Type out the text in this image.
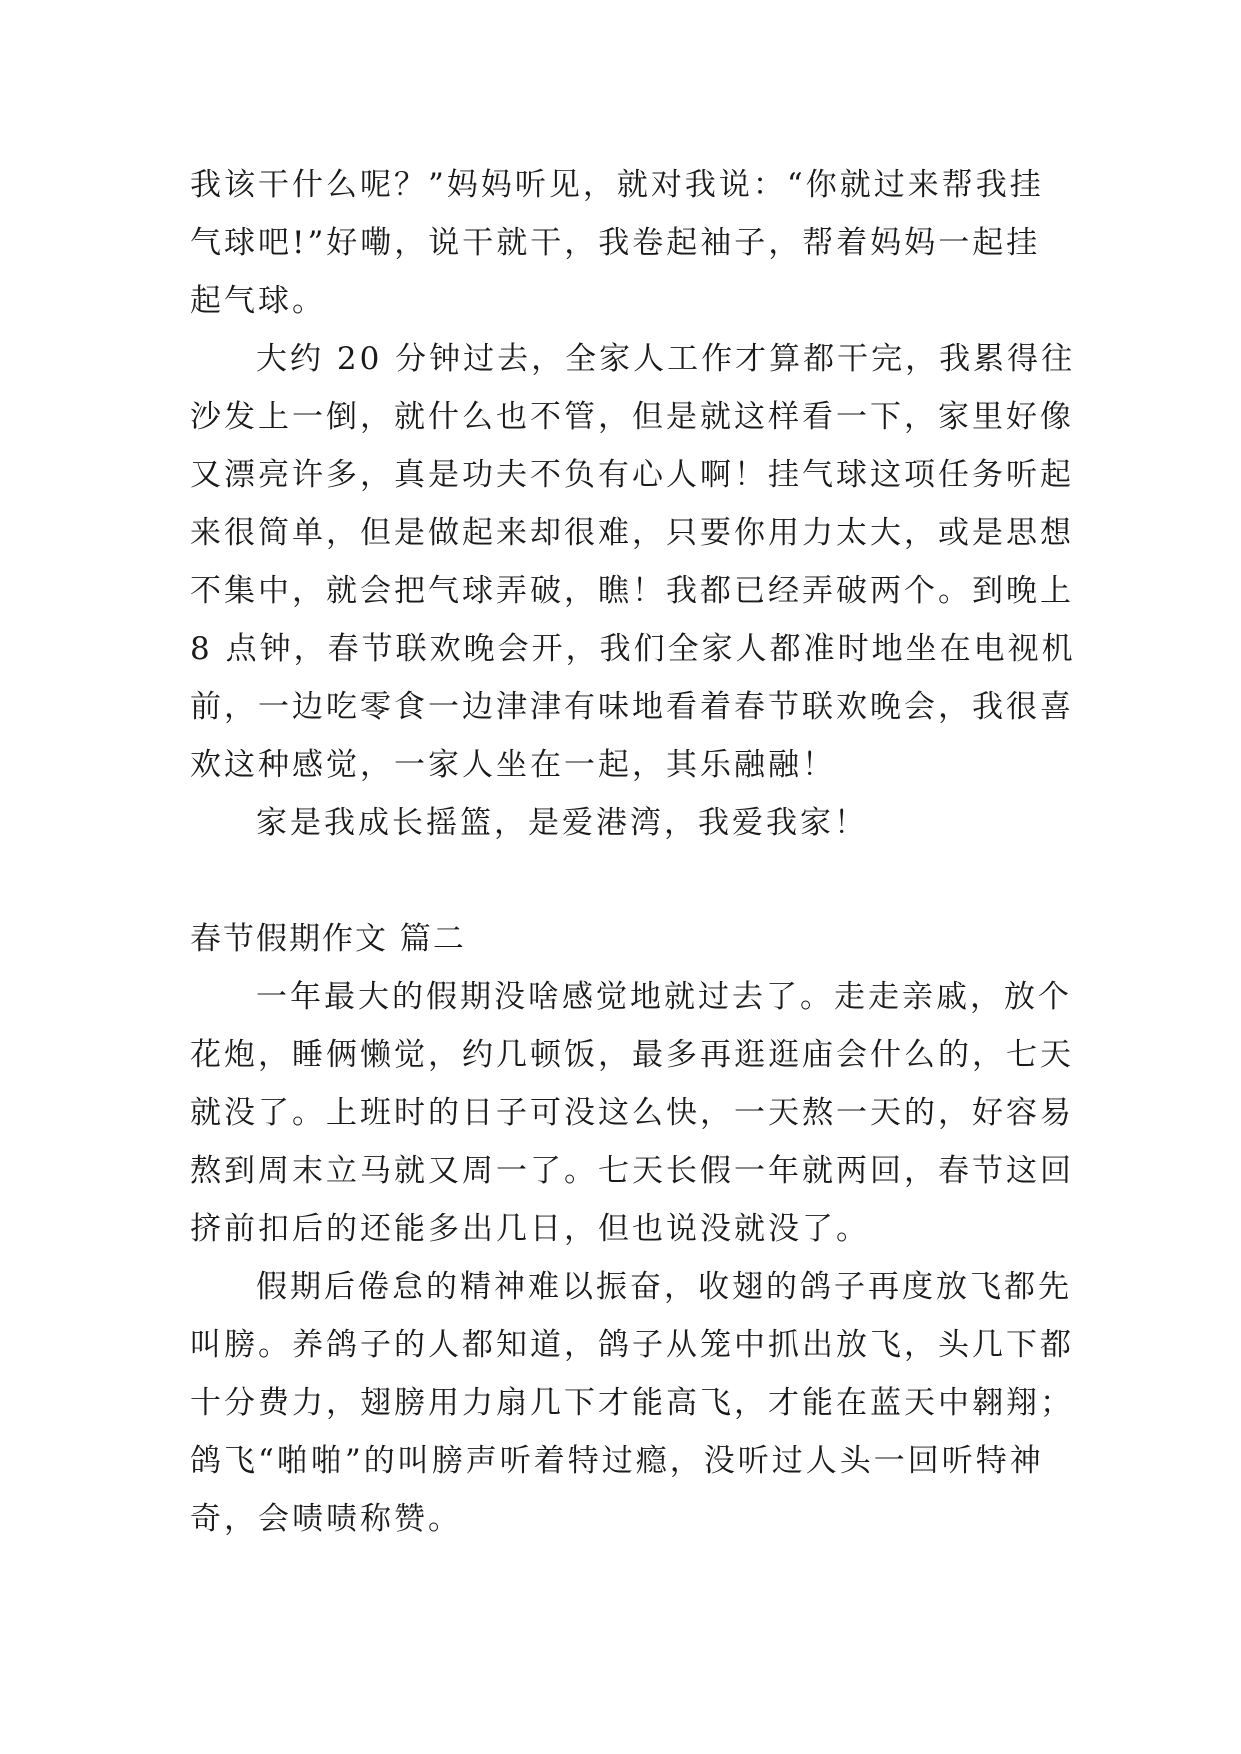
我该干什么呢？”妈妈听见，就对我说：“你就过来帮我挂
气球吧!”好嘞，说干就干，我卷起袖子，帮着妈妈一起挂
起气球。
大约 20 分钟过去，全家人工作才算都干完，我累得往
沙发上一倒，就什么也不管，但是就这样看一下，家里好像
又漂亮许多，真是功夫不负有心人啊！挂气球这项任务听起
来很简单，但是做起来却很难，只要你用力太大，或是思想
不集中，就会把气球弄破，瞧！我都已经弄破两个。到晚上
8 点钟，春节联欢晚会开，我们全家人都准时地坐在电视机
前，一边吃零食一边津津有味地看着春节联欢晚会，我很喜
欢这种感觉，一家人坐在一起，其乐融融！
家是我成长摇篮，是爱港湾，我爱我家！
春节假期作文 篇二
一年最大的假期没啥感觉地就过去了。走走亲戚，放个
花炮，睡俩懒觉，约几顿饭，最多再逛逛庙会什么的，七天
就没了。上班时的日子可没这么快，一天熬一天的，好容易
熬到周末立马就又周一了。七天长假一年就两回，春节这回
挤前扣后的还能多出几日，但也说没就没了。
假期后倦怠的精神难以振奋，收翅的鸽子再度放飞都先
叫膀。养鸽子的人都知道，鸽子从笼中抓出放飞，头几下都
十分费力，翅膀用力扇几下才能高飞，才能在蓝天中翱翔；
鸽飞“啪啪”的叫膀声听着特过瘾，没听过人头一回听特神
奇，会啧啧称赞。
